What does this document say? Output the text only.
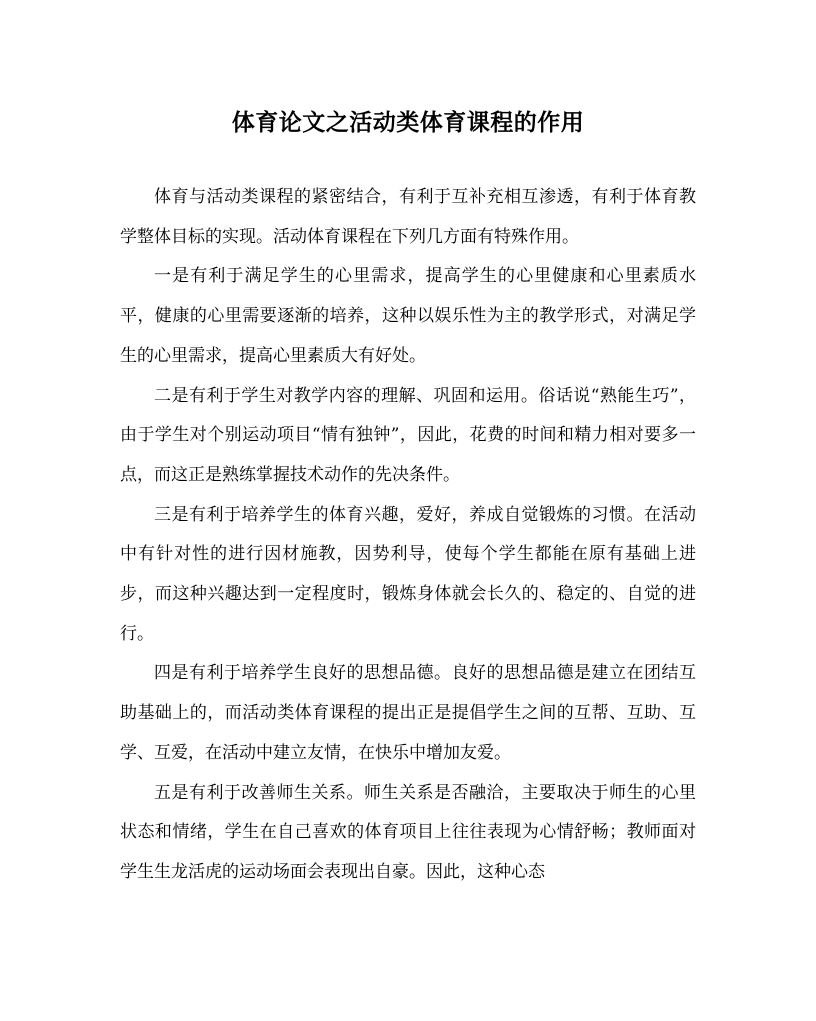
体育论文之活动类体育课程的作用

体育与活动类课程的紧密结合，有利于互补充相互渗透，有利于体育教学整体目标的实现。活动体育课程在下列几方面有特殊作用。

一是有利于满足学生的心里需求，提高学生的心里健康和心里素质水平，健康的心里需要逐渐的培养，这种以娱乐性为主的教学形式，对满足学生的心里需求，提高心里素质大有好处。

二是有利于学生对教学内容的理解、巩固和运用。俗话说“熟能生巧”，由于学生对个别运动项目“情有独钟”，因此，花费的时间和精力相对要多一点，而这正是熟练掌握技术动作的先决条件。

三是有利于培养学生的体育兴趣，爱好，养成自觉锻炼的习惯。在活动中有针对性的进行因材施教，因势利导，使每个学生都能在原有基础上进步，而这种兴趣达到一定程度时，锻炼身体就会长久的、稳定的、自觉的进行。

四是有利于培养学生良好的思想品德。良好的思想品德是建立在团结互助基础上的，而活动类体育课程的提出正是提倡学生之间的互帮、互助、互学、互爱，在活动中建立友情，在快乐中增加友爱。

五是有利于改善师生关系。师生关系是否融洽，主要取决于师生的心里状态和情绪，学生在自己喜欢的体育项目上往往表现为心情舒畅；教师面对学生生龙活虎的运动场面会表现出自豪。因此，这种心态
